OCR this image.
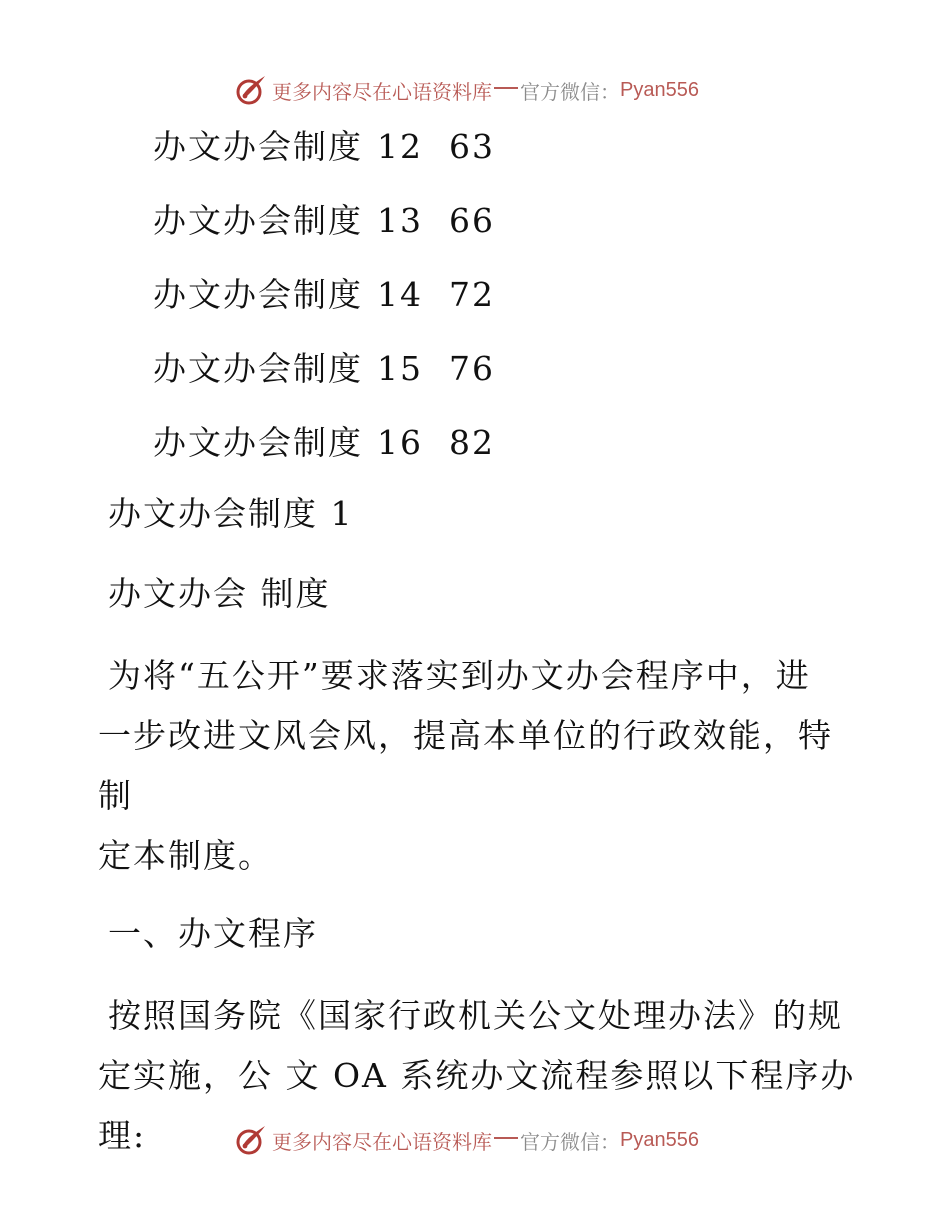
更多内容尽在心语资料库 官方微信： Pyan556
办文办会制度 12 63
办文办会制度 13 66
办文办会制度 14 72
办文办会制度 15 76
办文办会制度 16 82

办文办会制度 1

办文办会 制度

为将“五公开”要求落实到办文办会程序中，进
一步改进文风会风，提高本单位的行政效能，特制
定本制度。

一、办文程序

按照国务院《国家行政机关公文处理办法》的规
定实施，公 文 OA 系统办文流程参照以下程序办
理:	更多内容尽在心语资料库 官方微信： Pyan556
